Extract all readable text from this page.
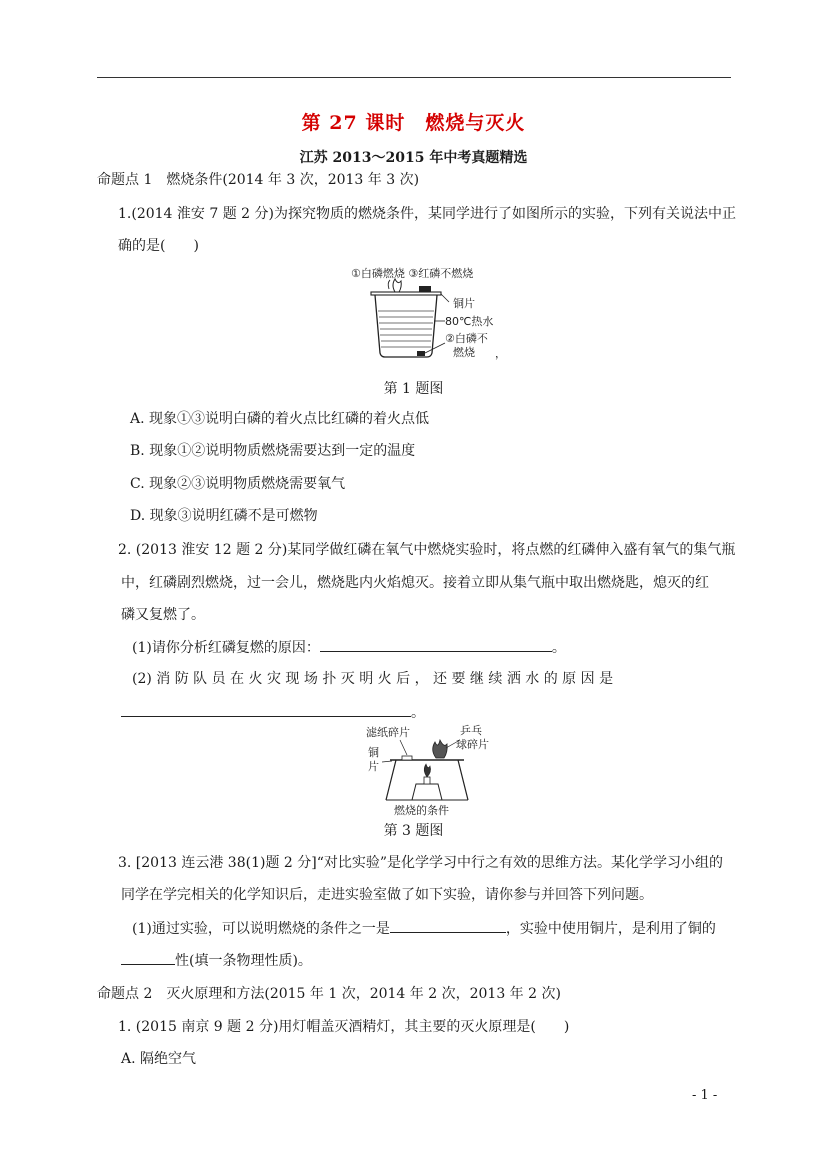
第 27 课时　燃烧与灭火
江苏 2013～2015 年中考真题精选
命题点 1　燃烧条件(2014 年 3 次，2013 年 3 次)
1.(2014 淮安 7 题 2 分)为探究物质的燃烧条件，某同学进行了如图所示的实验，下列有关说法中正
确的是(　　)
①白磷燃烧 ③红磷不燃烧
铜片
80℃热水
②白磷不
燃烧 ，
第 1 题图
A. 现象①③说明白磷的着火点比红磷的着火点低
B. 现象①②说明物质燃烧需要达到一定的温度
C. 现象②③说明物质燃烧需要氧气
D. 现象③说明红磷不是可燃物
2. (2013 淮安 12 题 2 分)某同学做红磷在氧气中燃烧实验时，将点燃的红磷伸入盛有氧气的集气瓶
中，红磷剧烈燃烧，过一会儿，燃烧匙内火焰熄灭。接着立即从集气瓶中取出燃烧匙，熄灭的红
磷又复燃了。
(1)请你分析红磷复燃的原因：	。
(2) 消 防 队 员 在 火 灾 现 场 扑 灭 明 火 后 ， 还 要 继 续 洒 水 的 原 因 是
。
滤纸碎片	乒乓
球碎片
铜
片
燃烧的条件
第 3 题图
3. [2013 连云港 38(1)题 2 分]“对比实验”是化学学习中行之有效的思维方法。某化学学习小组的
同学在学完相关的化学知识后，走进实验室做了如下实验，请你参与并回答下列问题。
(1)通过实验，可以说明燃烧的条件之一是	，实验中使用铜片，是利用了铜的
性(填一条物理性质)。
命题点 2　灭火原理和方法(2015 年 1 次，2014 年 2 次，2013 年 2 次)
1. (2015 南京 9 题 2 分)用灯帽盖灭酒精灯，其主要的灭火原理是(　　)
A. 隔绝空气
- 1 -
